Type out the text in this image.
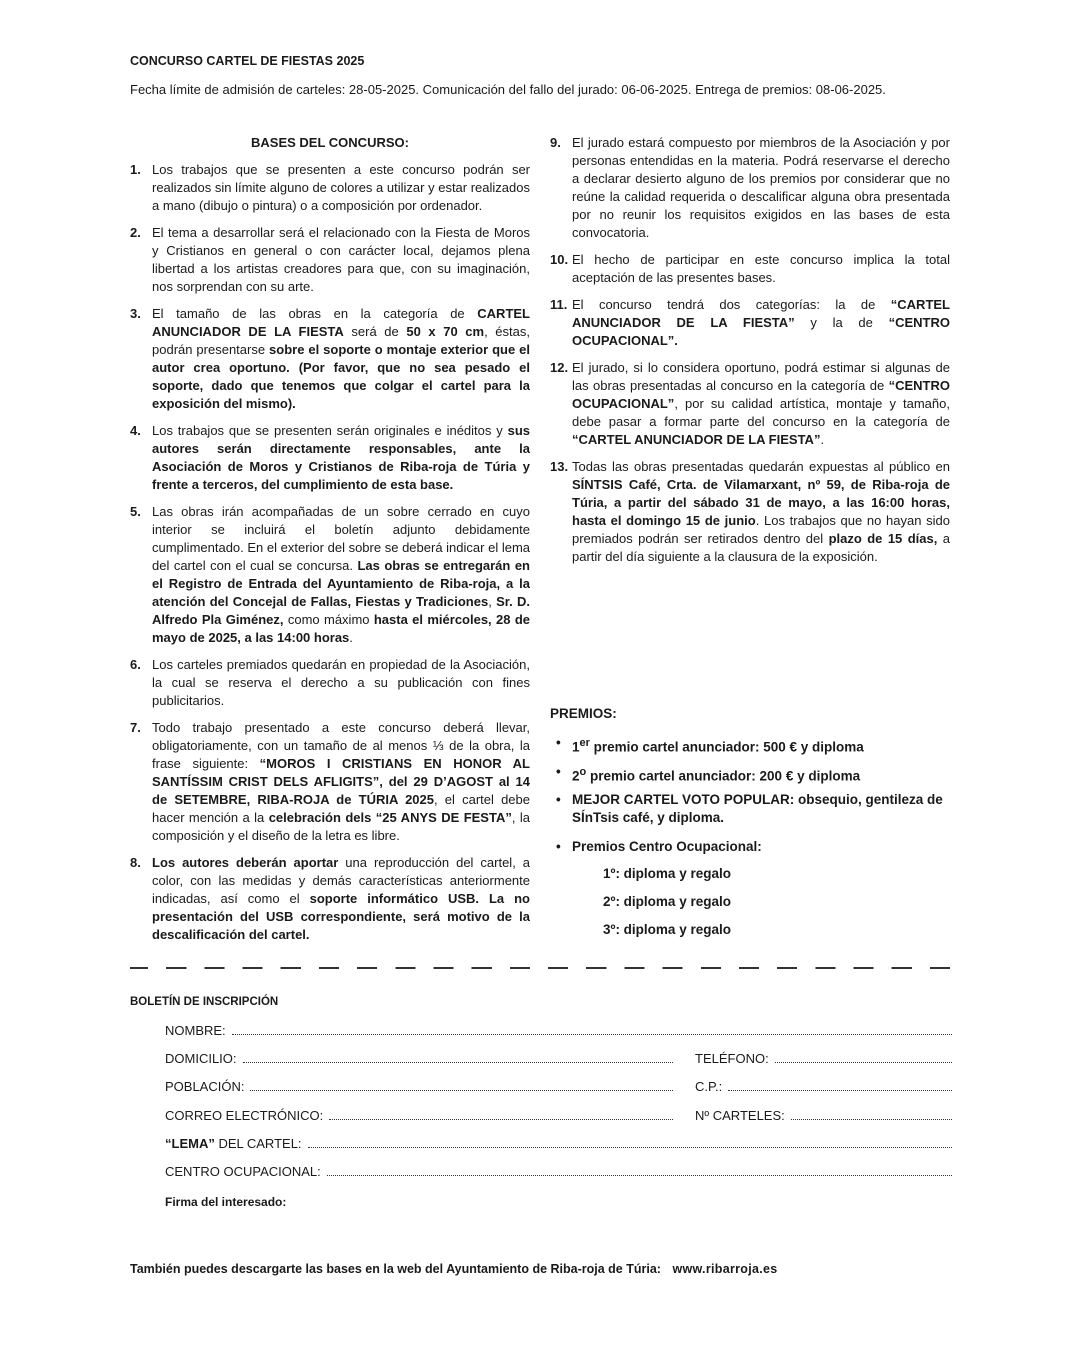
CONCURSO CARTEL DE FIESTAS 2025
Fecha límite de admisión de carteles: 28-05-2025. Comunicación del fallo del jurado: 06-06-2025. Entrega de premios: 08-06-2025.
BASES DEL CONCURSO:
1. Los trabajos que se presenten a este concurso podrán ser realizados sin límite alguno de colores a utilizar y estar realizados a mano (dibujo o pintura) o a composición por ordenador.
2. El tema a desarrollar será el relacionado con la Fiesta de Moros y Cristianos en general o con carácter local, dejamos plena libertad a los artistas creadores para que, con su imaginación, nos sorprendan con su arte.
3. El tamaño de las obras en la categoría de CARTEL ANUNCIADOR DE LA FIESTA será de 50 x 70 cm, éstas, podrán presentarse sobre el soporte o montaje exterior que el autor crea oportuno. (Por favor, que no sea pesado el soporte, dado que tenemos que colgar el cartel para la exposición del mismo).
4. Los trabajos que se presenten serán originales e inéditos y sus autores serán directamente responsables, ante la Asociación de Moros y Cristianos de Riba-roja de Túria y frente a terceros, del cumplimiento de esta base.
5. Las obras irán acompañadas de un sobre cerrado en cuyo interior se incluirá el boletín adjunto debidamente cumplimentado. En el exterior del sobre se deberá indicar el lema del cartel con el cual se concursa. Las obras se entregarán en el Registro de Entrada del Ayuntamiento de Riba-roja, a la atención del Concejal de Fallas, Fiestas y Tradiciones, Sr. D. Alfredo Pla Giménez, como máximo hasta el miércoles, 28 de mayo de 2025, a las 14:00 horas.
6. Los carteles premiados quedarán en propiedad de la Asociación, la cual se reserva el derecho a su publicación con fines publicitarios.
7. Todo trabajo presentado a este concurso deberá llevar, obligatoriamente, con un tamaño de al menos ⅓ de la obra, la frase siguiente: “MOROS I CRISTIANS EN HONOR AL SANTÍSSIM CRIST DELS AFLIGITS”, del 29 D’AGOST al 14 de SETEMBRE, RIBA-ROJA de TÚRIA 2025, el cartel debe hacer mención a la celebración dels “25 ANYS DE FESTA”, la composición y el diseño de la letra es libre.
8. Los autores deberán aportar una reproducción del cartel, a color, con las medidas y demás características anteriormente indicadas, así como el soporte informático USB. La no presentación del USB correspondiente, será motivo de la descalificación del cartel.
9. El jurado estará compuesto por miembros de la Asociación y por personas entendidas en la materia. Podrá reservarse el derecho a declarar desierto alguno de los premios por considerar que no reúne la calidad requerida o descalificar alguna obra presentada por no reunir los requisitos exigidos en las bases de esta convocatoria.
10. El hecho de participar en este concurso implica la total aceptación de las presentes bases.
11. El concurso tendrá dos categorías: la de “CARTEL ANUNCIADOR DE LA FIESTA” y la de “CENTRO OCUPACIONAL”.
12. El jurado, si lo considera oportuno, podrá estimar si algunas de las obras presentadas al concurso en la categoría de “CENTRO OCUPACIONAL”, por su calidad artística, montaje y tamaño, debe pasar a formar parte del concurso en la categoría de “CARTEL ANUNCIADOR DE LA FIESTA”.
13. Todas las obras presentadas quedarán expuestas al público en SÍNTSIS Café, Crta. de Vilamarxant, nº 59, de Riba-roja de Túria, a partir del sábado 31 de mayo, a las 16:00 horas, hasta el domingo 15 de junio. Los trabajos que no hayan sido premiados podrán ser retirados dentro del plazo de 15 días, a partir del día siguiente a la clausura de la exposición.
PREMIOS:
• 1er premio cartel anunciador: 500 € y diploma
• 2$^o$ premio cartel anunciador: 200 € y diploma
• MEJOR CARTEL VOTO POPULAR: obsequio, gentileza de SÍnTsis café, y diploma.
• Premios Centro Ocupacional:
1º: diploma y regalo
2º: diploma y regalo
3º: diploma y regalo
BOLETÍN DE INSCRIPCIÓN
NOMBRE:
DOMICILIO:	TELÉFONO:
POBLACIÓN:	C.P.:
CORREO ELECTRÓNICO:	Nº CARTELES:
“LEMA” DEL CARTEL:
CENTRO OCUPACIONAL:
Firma del interesado:
También puedes descargarte las bases en la web del Ayuntamiento de Riba-roja de Túria: www.ribarroja.es
